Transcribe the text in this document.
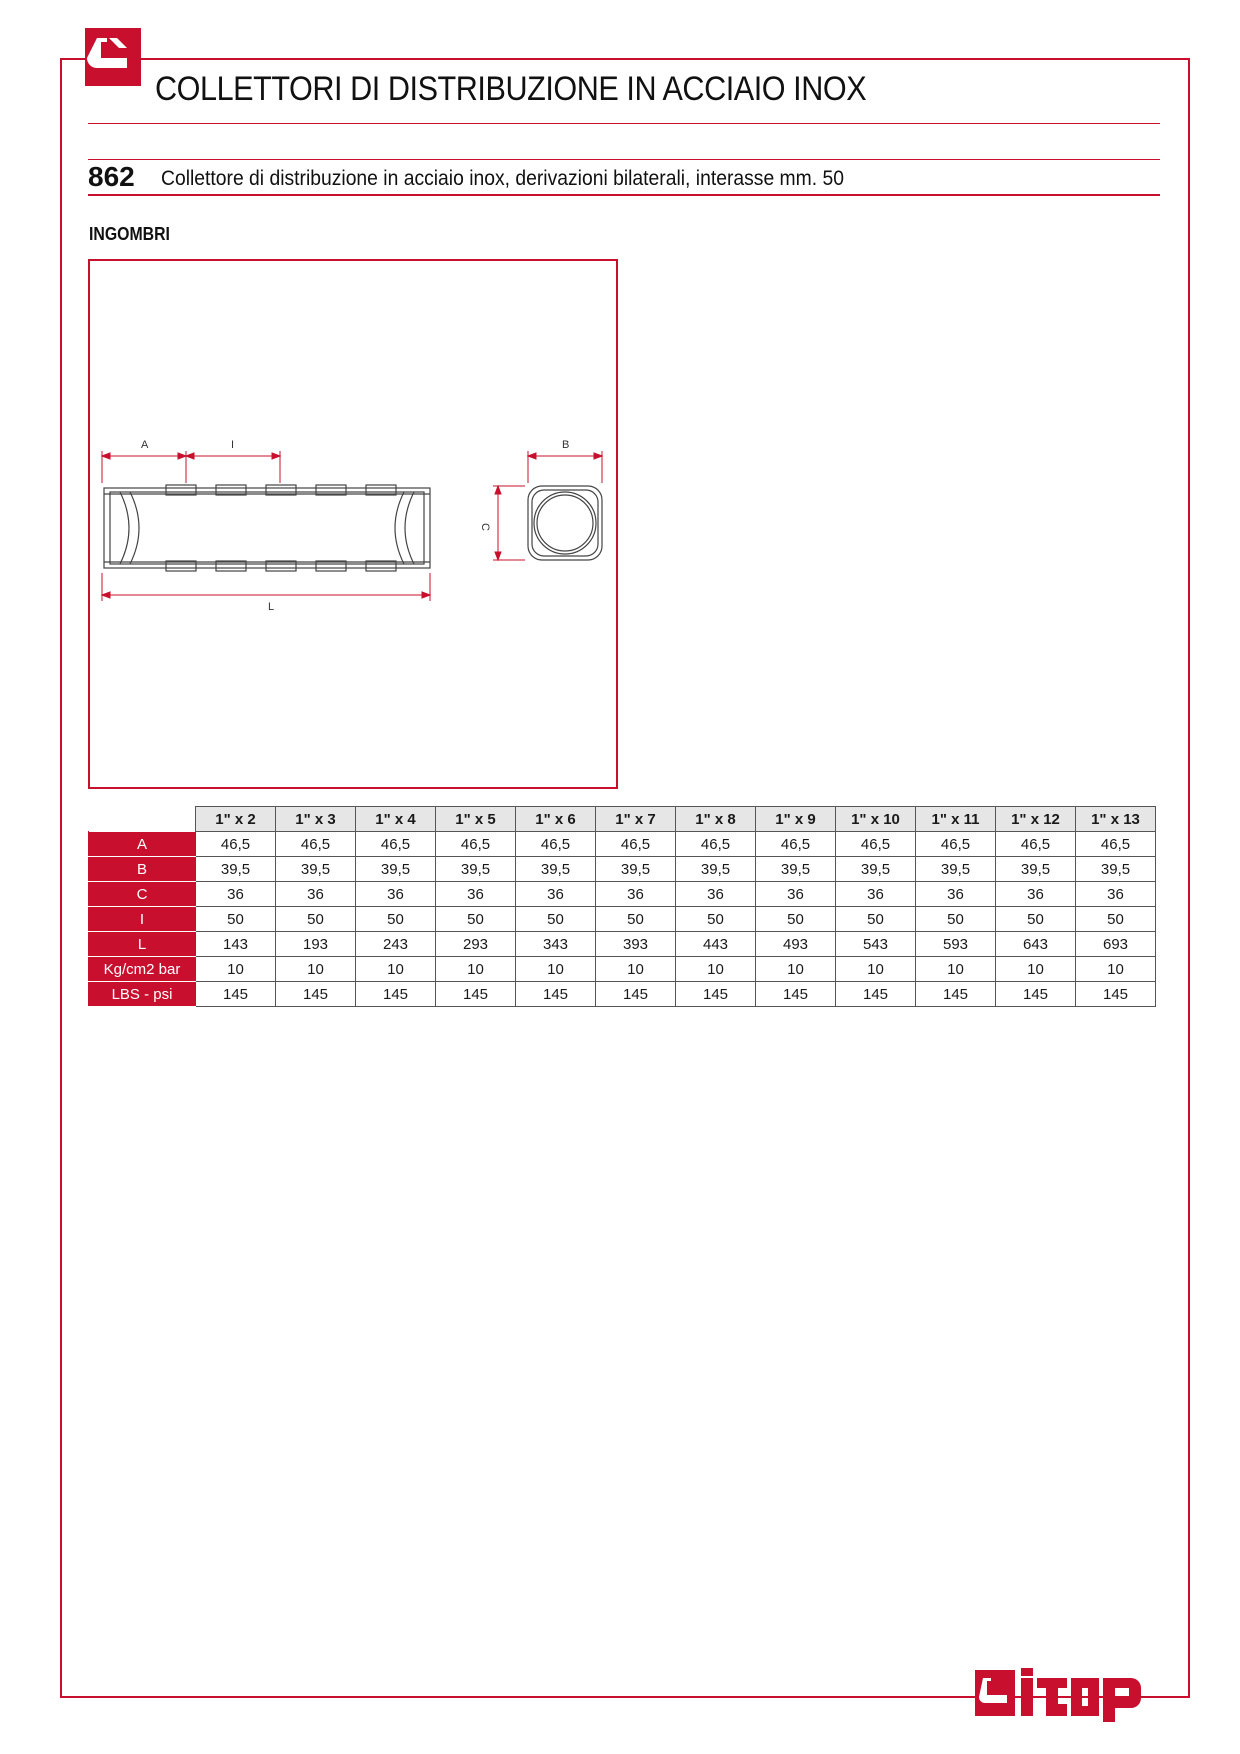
COLLETTORI DI DISTRIBUZIONE IN ACCIAIO INOX
862 Collettore di distribuzione in acciaio inox, derivazioni bilaterali, interasse mm. 50
INGOMBRI
A	I	B
L
C
	1" x 2	1" x 3	1" x 4	1" x 5	1" x 6	1" x 7	1" x 8	1" x 9	1" x 10	1" x 11	1" x 12	1" x 13
A	46,5	46,5	46,5	46,5	46,5	46,5	46,5	46,5	46,5	46,5	46,5	46,5
B	39,5	39,5	39,5	39,5	39,5	39,5	39,5	39,5	39,5	39,5	39,5	39,5
C	36	36	36	36	36	36	36	36	36	36	36	36
I	50	50	50	50	50	50	50	50	50	50	50	50
L	143	193	243	293	343	393	443	493	543	593	643	693
Kg/cm2 bar	10	10	10	10	10	10	10	10	10	10	10	10
LBS - psi	145	145	145	145	145	145	145	145	145	145	145	145
itap
